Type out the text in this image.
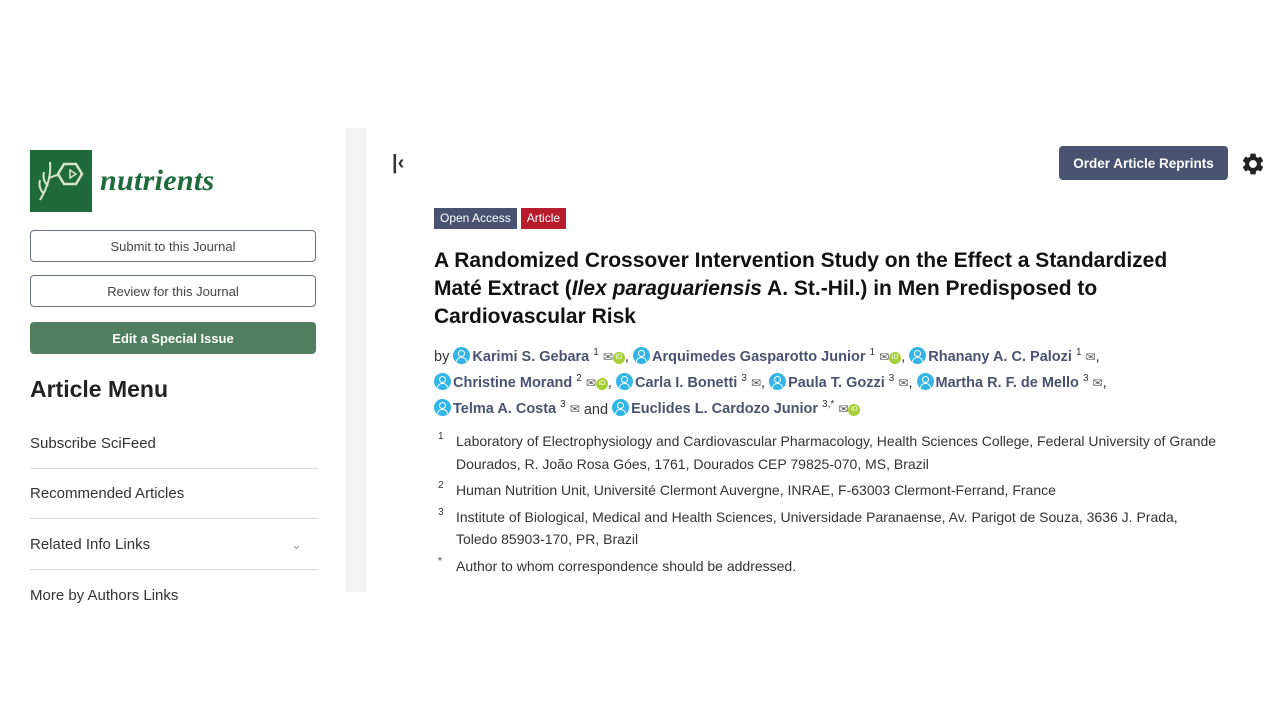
nutrients
Submit to this Journal
Review for this Journal
Edit a Special Issue
Article Menu
Subscribe SciFeed
Recommended Articles
Related Info Links	⌄
More by Authors Links
|‹	Order Article Reprints
Open Access	Article
A Randomized Crossover Intervention Study on the Effect a Standardized Maté Extract (Ilex paraguariensis A. St.-Hil.) in Men Predisposed to Cardiovascular Risk
by Karimi S. Gebara $^1$ ✉ iD , Arquimedes Gasparotto Junior $^1$ ✉ iD , Rhanany A. C. Palozi $^1$ ✉, Christine Morand $^2$ ✉ iD , Carla I. Bonetti $^3$ ✉, Paula T. Gozzi $^3$ ✉, Martha R. F. de Mello $^3$ ✉, Telma A. Costa $^3$ ✉ and Euclides L. Cardozo Junior $^{3,*}$ ✉ iD
1 Laboratory of Electrophysiology and Cardiovascular Pharmacology, Health Sciences College, Federal University of Grande Dourados, R. João Rosa Góes, 1761, Dourados CEP 79825-070, MS, Brazil
2 Human Nutrition Unit, Université Clermont Auvergne, INRAE, F-63003 Clermont-Ferrand, France
3 Institute of Biological, Medical and Health Sciences, Universidade Paranaense, Av. Parigot de Souza, 3636 J. Prada, Toledo 85903-170, PR, Brazil
*	Author to whom correspondence should be addressed.
